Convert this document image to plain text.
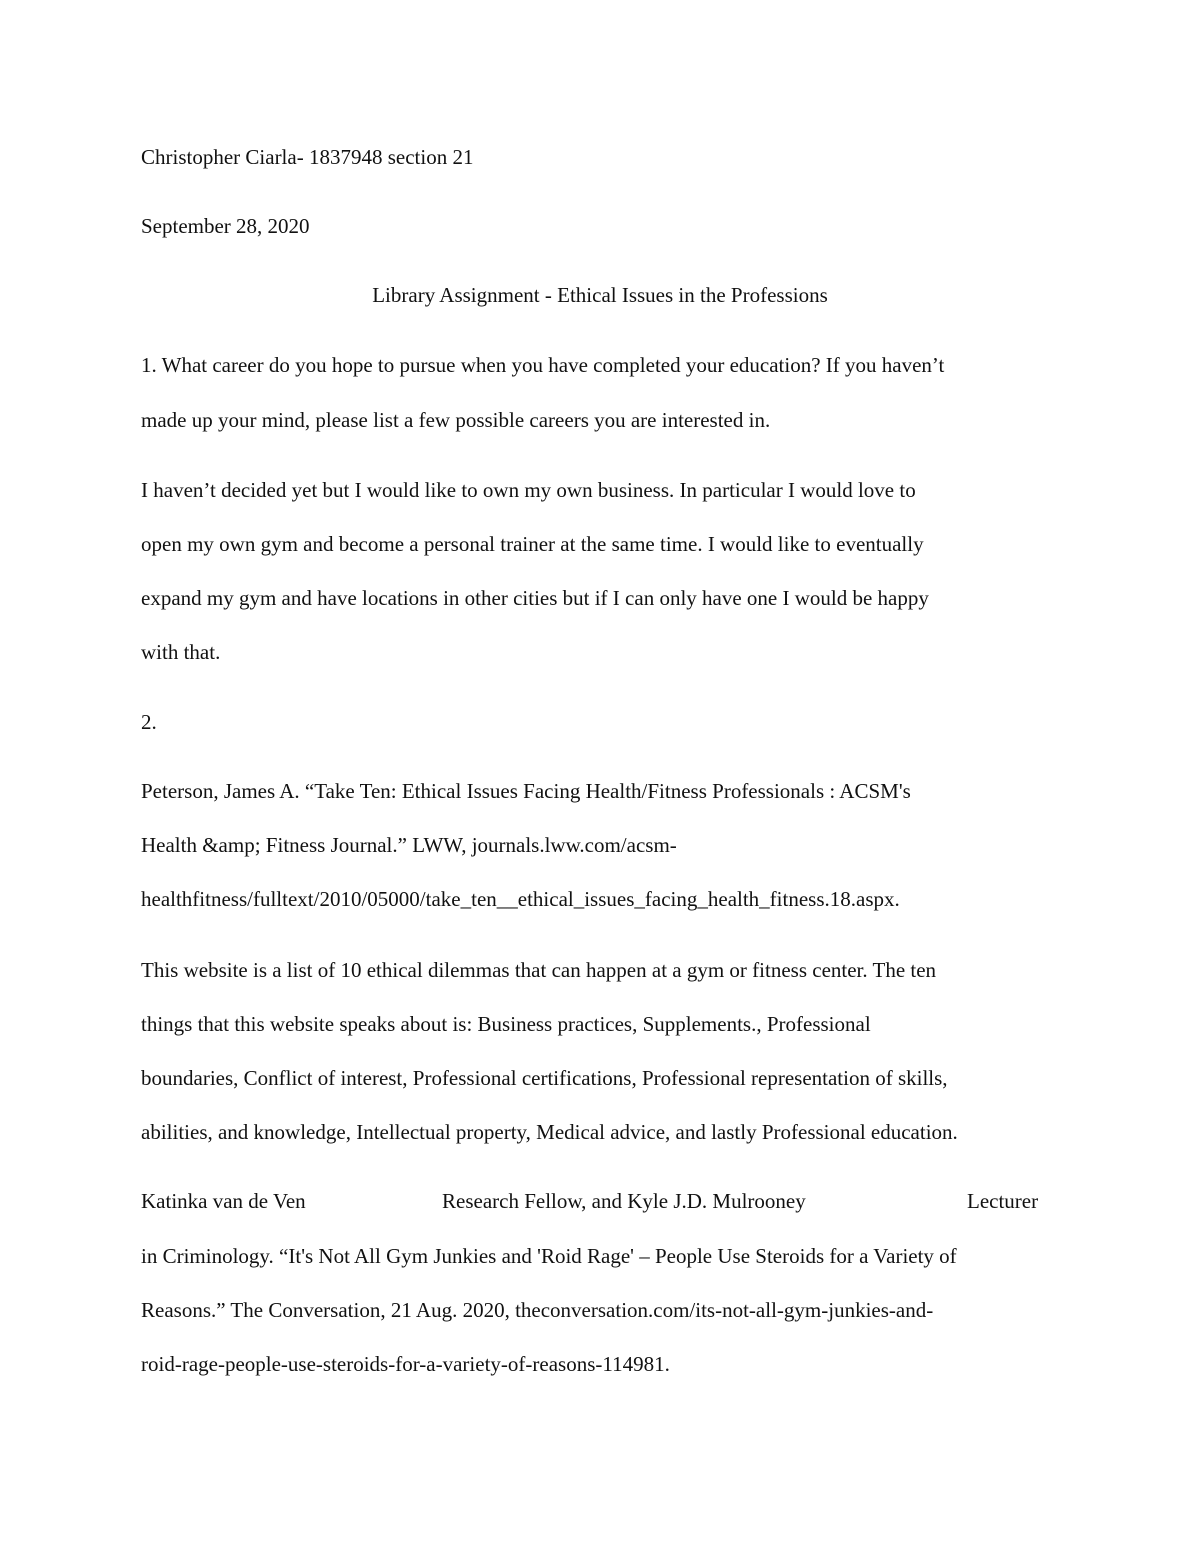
Christopher Ciarla- 1837948 section 21

September 28, 2020

Library Assignment - Ethical Issues in the Professions

1. What career do you hope to pursue when you have completed your education? If you haven’t

made up your mind, please list a few possible careers you are interested in.

I haven’t decided yet but I would like to own my own business. In particular I would love to

open my own gym and become a personal trainer at the same time. I would like to eventually

expand my gym and have locations in other cities but if I can only have one I would be happy

with that.

2.

Peterson, James A. “Take Ten: Ethical Issues Facing Health/Fitness Professionals : ACSM's

Health &amp; Fitness Journal.” LWW, journals.lww.com/acsm-

healthfitness/fulltext/2010/05000/take_ten__ethical_issues_facing_health_fitness.18.aspx.

This website is a list of 10 ethical dilemmas that can happen at a gym or fitness center. The ten

things that this website speaks about is: Business practices, Supplements., Professional

boundaries, Conflict of interest, Professional certifications, Professional representation of skills,

abilities, and knowledge, Intellectual property, Medical advice, and lastly Professional education.

Katinka van de Ven	Research Fellow, and Kyle J.D. Mulrooney	Lecturer

in Criminology. “It's Not All Gym Junkies and 'Roid Rage' – People Use Steroids for a Variety of

Reasons.” The Conversation, 21 Aug. 2020, theconversation.com/its-not-all-gym-junkies-and-

roid-rage-people-use-steroids-for-a-variety-of-reasons-114981.
